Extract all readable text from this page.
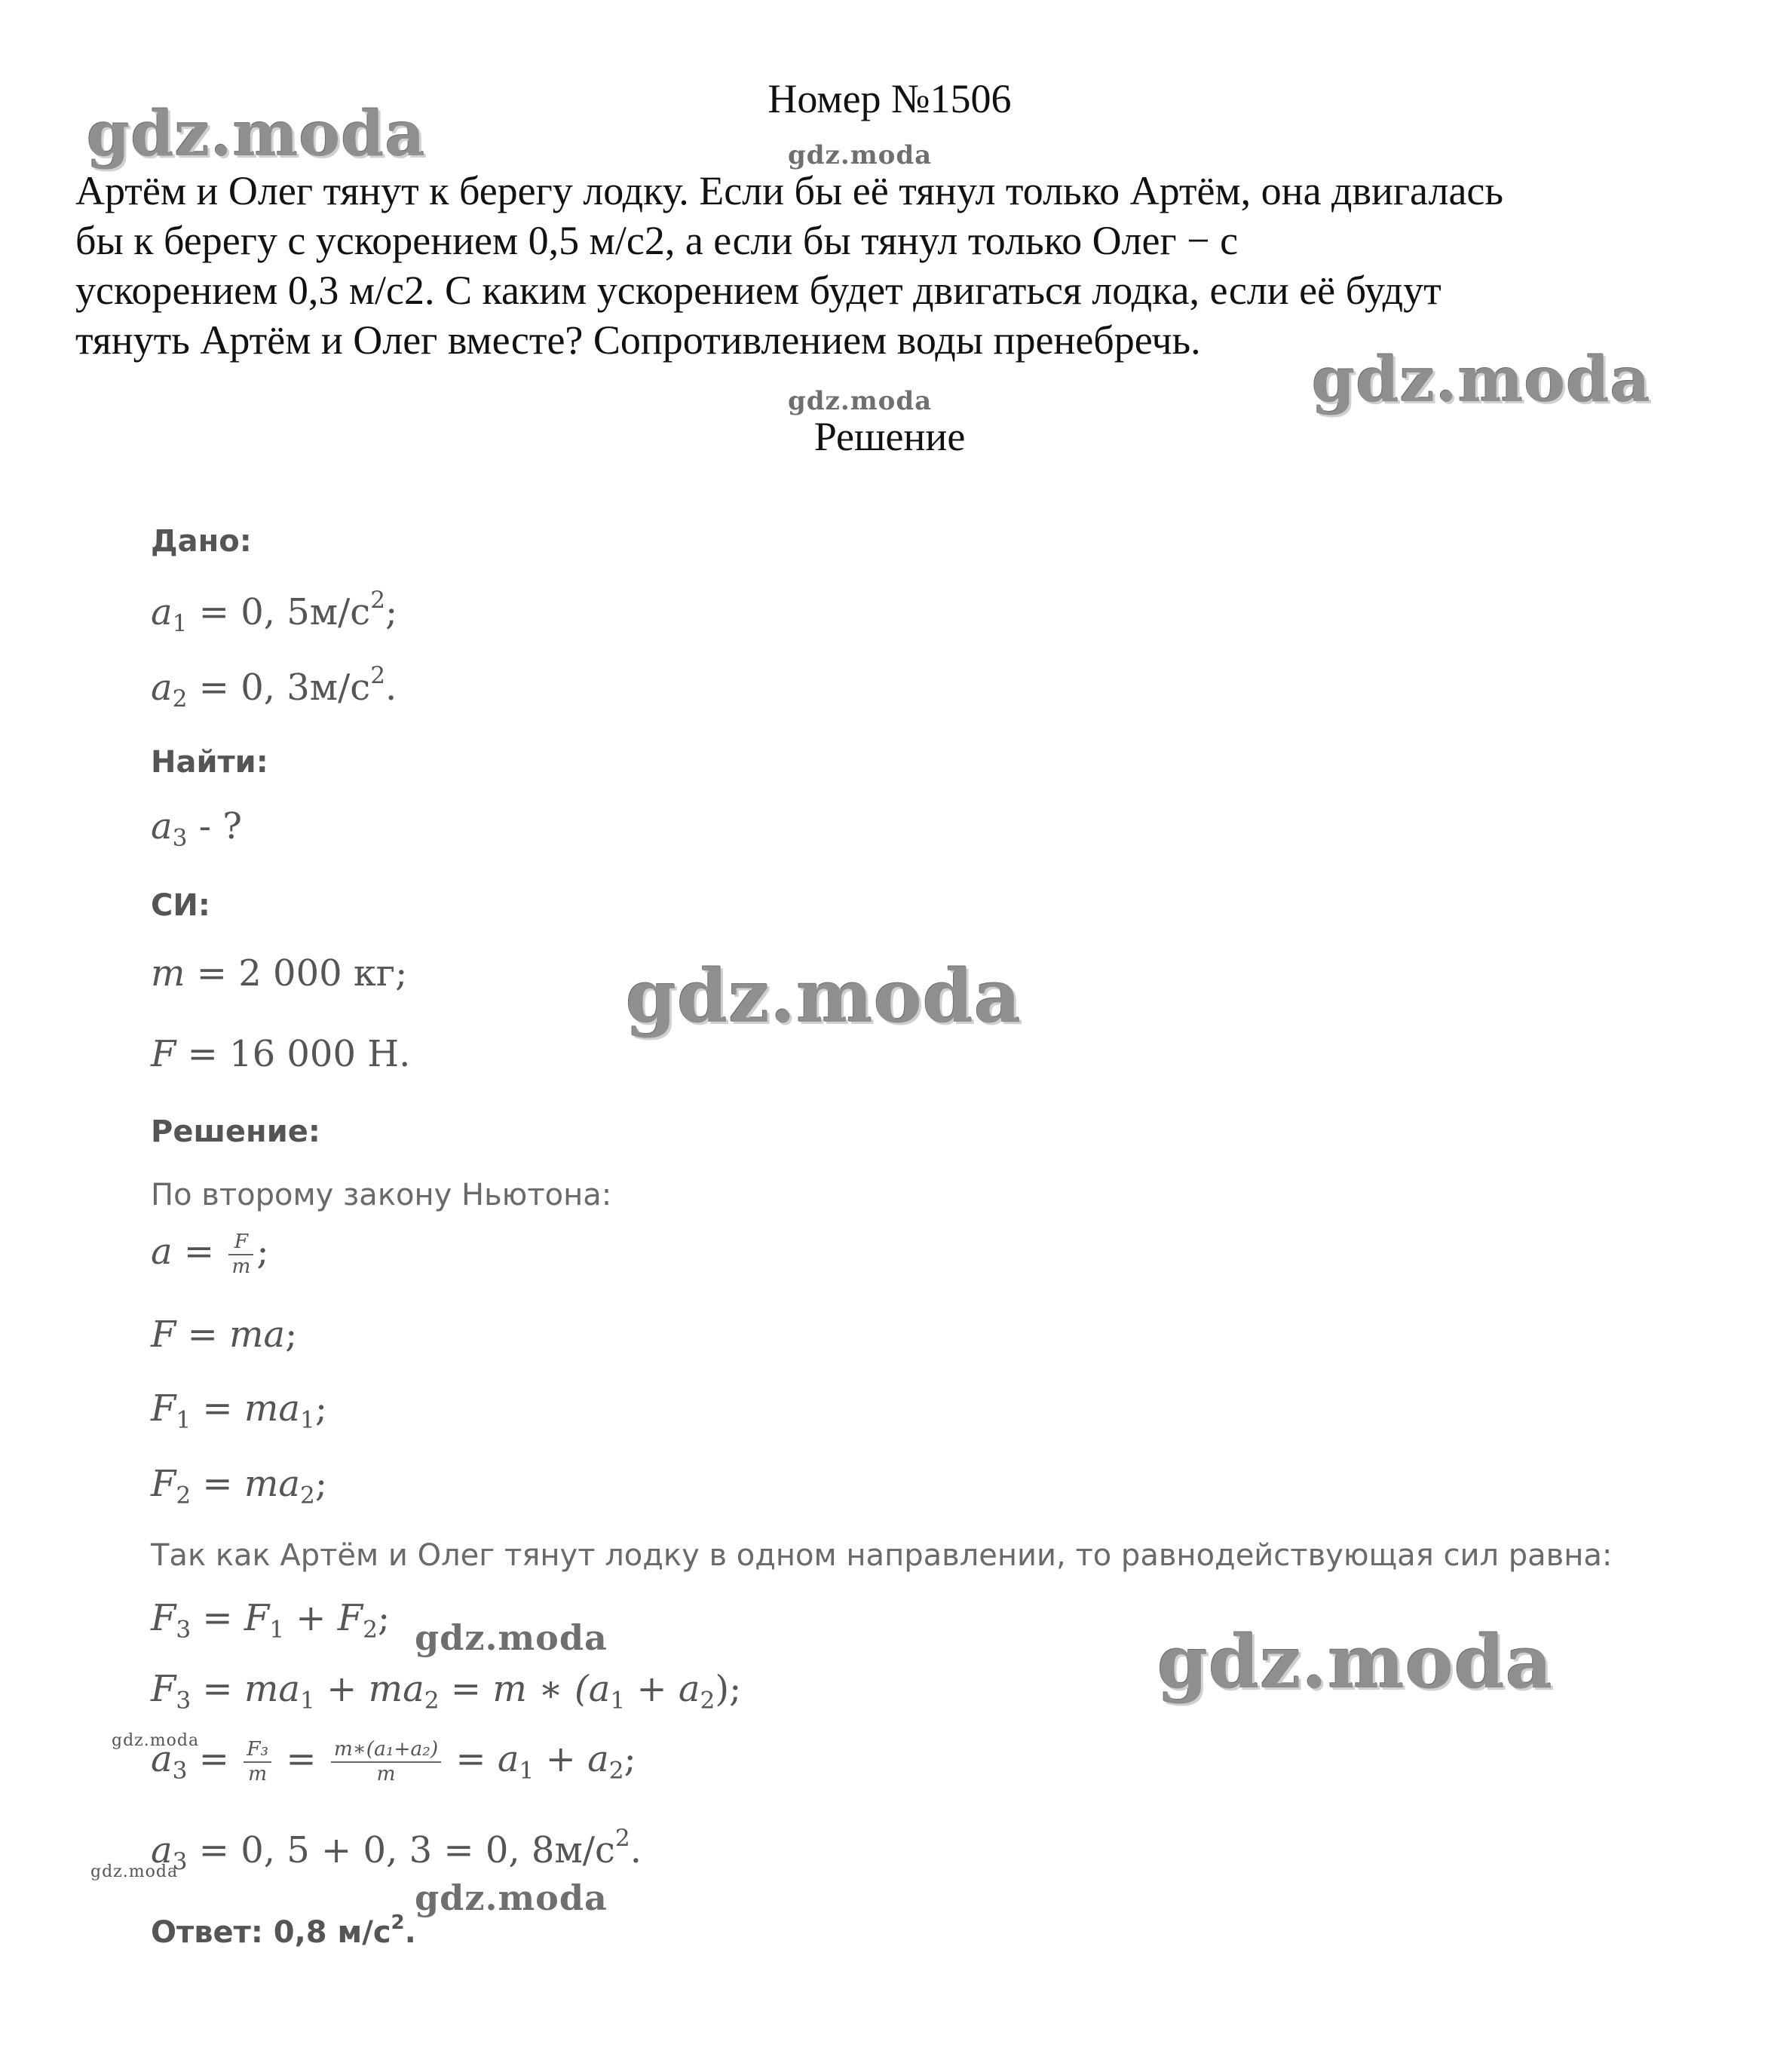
Номер №1506
Артём и Олег тянут к берегу лодку. Если бы её тянул только Артём, она двигалась
бы к берегу с ускорением 0,5 м/с2, а если бы тянул только Олег − с
ускорением 0,3 м/с2. С каким ускорением будет двигаться лодка, если её будут
тянуть Артём и Олег вместе? Сопротивлением воды пренебречь.
Решение
gdz.moda	gdz.moda
gdz.moda
gdz.moda
gdz.moda
gdz.moda	gdz.moda
gdz.moda
gdz.moda
gdz.moda
Дано:
$a_1 = 0$, $5м/с^2$;
$a_2 = 0$, $3м/с^2$.
Найти:
$a_3$ - ?
СИ:
m = 2 000 кг;
F = 16 000 Н.
Решение:
По второму закону Ньютона:
$a = \frac{F}{m}$ ;
F = ma;
$F_1 = ma_1$;
$F_2 = ma_2$;
Так как Артём и Олег тянут лодку в одном направлении, то равнодействующая сил равна:
$F_3 = F_1 + F_2$;
$F_3 = ma_1 + ma_2 = m$ ∗ $(a_1 + a_2)$;
$a_3 = \frac{\text{F₃}}{m} = \frac{\text{m∗(a₁+a₂)}}{m} = a_1 + a_2$;
$a_3 = 0$, 5 + 0, 3 = 0, $8м/с^2$.
Ответ: 0,8 $м/с^2$.
